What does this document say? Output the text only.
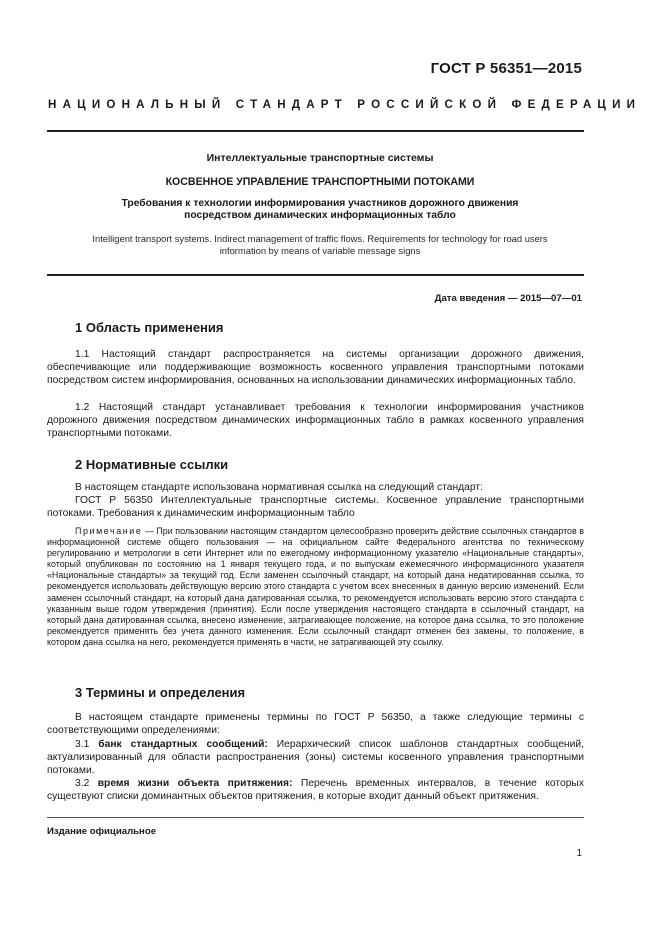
ГОСТ Р 56351—2015
НАЦИОНАЛЬНЫЙ СТАНДАРТ РОССИЙСКОЙ ФЕДЕРАЦИИ
Интеллектуальные транспортные системы
КОСВЕННОЕ УПРАВЛЕНИЕ ТРАНСПОРТНЫМИ ПОТОКАМИ
Требования к технологии информирования участников дорожного движения
посредством динамических информационных табло
Intelligent transport systems. Indirect management of traffic flows. Requirements for technology for road users
information by means of variable message signs
Дата введения — 2015—07—01
1 Область применения
1.1 Настоящий стандарт распространяется на системы организации дорожного движения, обеспечивающие или поддерживающие возможность косвенного управления транспортными потоками посредством систем информирования, основанных на использовании динамических информационных табло.
1.2 Настоящий стандарт устанавливает требования к технологии информирования участников дорожного движения посредством динамических информационных табло в рамках косвенного управления транспортными потоками.
2 Нормативные ссылки
В настоящем стандарте использована нормативная ссылка на следующий стандарт:
ГОСТ Р 56350 Интеллектуальные транспортные системы. Косвенное управление транспортными потоками. Требования к динамическим информационным табло
Примечание — При пользовании настоящим стандартом целесообразно проверить действие ссылочных стандартов в информационной системе общего пользования — на официальном сайте Федерального агентства по техническому регулированию и метрологии в сети Интернет или по ежегодному информационному указателю «Национальные стандарты», который опубликован по состоянию на 1 января текущего года, и по выпускам ежемесячного информационного указателя «Национальные стандарты» за текущий год. Если заменен ссылочный стандарт, на который дана недатированная ссылка, то рекомендуется использовать действующую версию этого стандарта с учетом всех внесенных в данную версию изменений. Если заменен ссылочный стандарт, на который дана датированная ссылка, то рекомендуется использовать версию этого стандарта с указанным выше годом утверждения (принятия). Если после утверждения настоящего стандарта в ссылочный стандарт, на который дана датированная ссылка, внесено изменение, затрагивающее положение, на которое дана ссылка, то это положение рекомендуется применять без учета данного изменения. Если ссылочный стандарт отменен без замены, то положение, в котором дана ссылка на него, рекомендуется применять в части, не затрагивающей эту ссылку.
3 Термины и определения
В настоящем стандарте применены термины по ГОСТ Р 56350, а также следующие термины с соответствующими определениями:
3.1 банк стандартных сообщений: Иерархический список шаблонов стандартных сообщений, актуализированный для области распространения (зоны) системы косвенного управления транспортными потоками.
3.2 время жизни объекта притяжения: Перечень временных интервалов, в течение которых существуют списки доминантных объектов притяжения, в которые входит данный объект притяжения.
Издание официальное
1
